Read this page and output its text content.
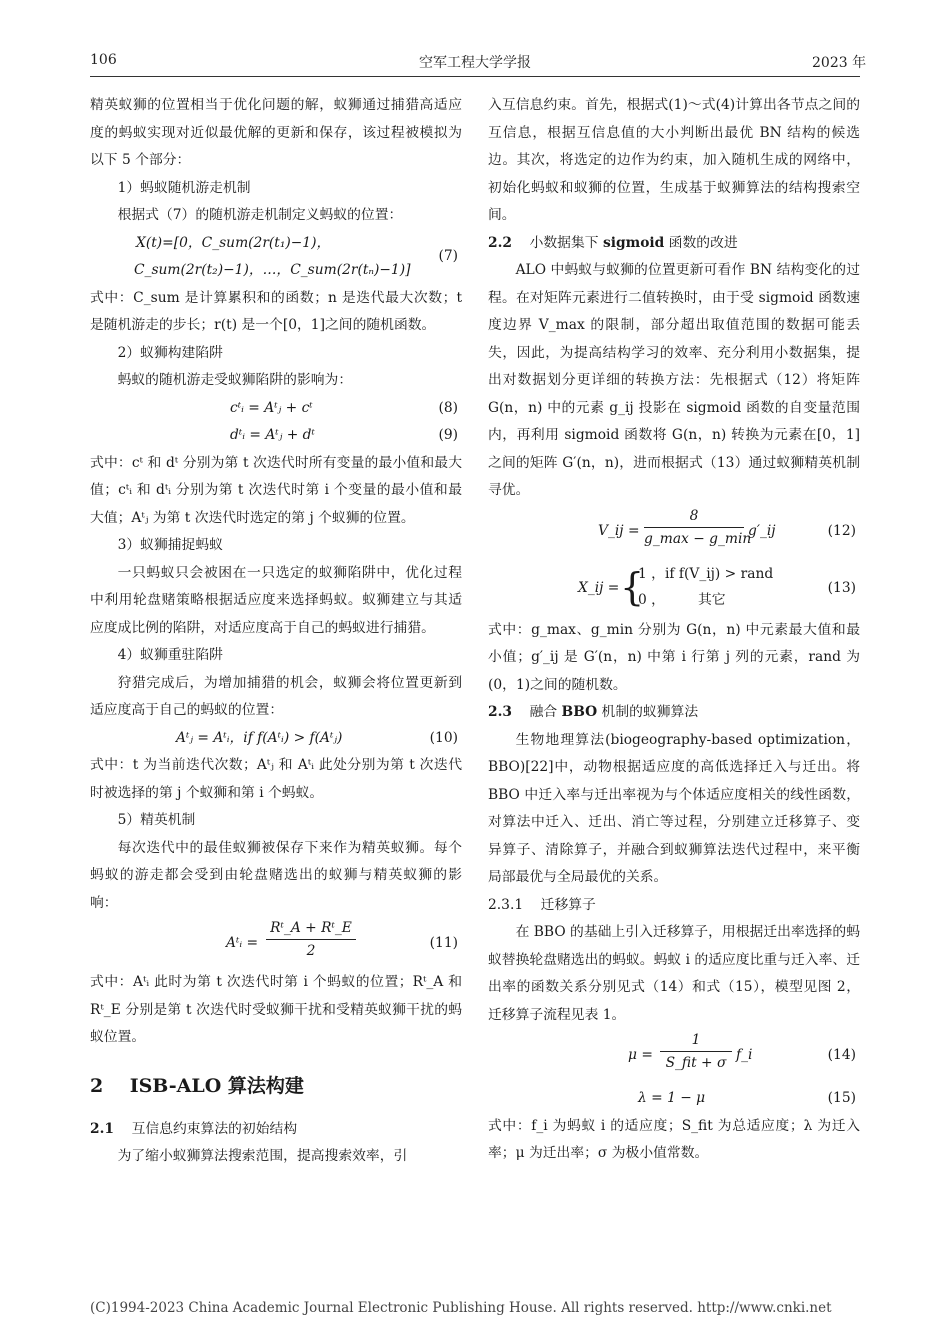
106	空军工程大学学报	2023 年

精英蚁狮的位置相当于优化问题的解，蚁狮通过捕猎高适应度的蚂蚁实现对近似最优解的更新和保存，该过程被模拟为以下 5 个部分：

1）蚂蚁随机游走机制

根据式（7）的随机游走机制定义蚂蚁的位置：

X(t)=[0，C_sum(2r(t₁)−1)，
C_sum(2r(t₂)−1)，…，C_sum(2r(tₙ)−1)]
(7)

式中：C_sum 是计算累积和的函数；n 是迭代最大次数；t 是随机游走的步长；r(t) 是一个[0，1]之间的随机函数。

2）蚁狮构建陷阱

蚂蚁的随机游走受蚁狮陷阱的影响为：

cᵗᵢ = Aᵗⱼ + cᵗ	(8)
dᵗᵢ = Aᵗⱼ + dᵗ	(9)

式中：cᵗ 和 dᵗ 分别为第 t 次迭代时所有变量的最小值和最大值；cᵗᵢ 和 dᵗᵢ 分别为第 t 次迭代时第 i 个变量的最小值和最大值；Aᵗⱼ 为第 t 次迭代时选定的第 j 个蚁狮的位置。

3）蚁狮捕捉蚂蚁

一只蚂蚁只会被困在一只选定的蚁狮陷阱中，优化过程中利用轮盘赌策略根据适应度来选择蚂蚁。蚁狮建立与其适应度成比例的陷阱，对适应度高于自己的蚂蚁进行捕猎。

4）蚁狮重驻陷阱

狩猎完成后，为增加捕猎的机会，蚁狮会将位置更新到适应度高于自己的蚂蚁的位置：

Aᵗⱼ = Aᵗᵢ，if f(Aᵗᵢ) > f(Aᵗⱼ)	(10)

式中：t 为当前迭代次数；Aᵗⱼ 和 Aᵗᵢ 此处分别为第 t 次迭代时被选择的第 j 个蚁狮和第 i 个蚂蚁。

5）精英机制

每次迭代中的最佳蚁狮被保存下来作为精英蚁狮。每个蚂蚁的游走都会受到由轮盘赌选出的蚁狮与精英蚁狮的影响：

Aᵗᵢ = $\frac{\text{Rᵗ\_A + Rᵗ\_E}}{2}$	(11)

式中：Aᵗᵢ 此时为第 t 次迭代时第 i 个蚂蚁的位置；Rᵗ_A 和 Rᵗ_E 分别是第 t 次迭代时受蚁狮干扰和受精英蚁狮干扰的蚂蚁位置。

2 ISB-ALO 算法构建

2.1 互信息约束算法的初始结构

为了缩小蚁狮算法搜索范围，提高搜索效率，引

入互信息约束。首先，根据式(1)～式(4)计算出各节点之间的互信息，根据互信息值的大小判断出最优 BN 结构的候选边。其次，将选定的边作为约束，加入随机生成的网络中，初始化蚂蚁和蚁狮的位置，生成基于蚁狮算法的结构搜索空间。

2.2 小数据集下 sigmoid 函数的改进

ALO 中蚂蚁与蚁狮的位置更新可看作 BN 结构变化的过程。在对矩阵元素进行二值转换时，由于受 sigmoid 函数速度边界 V_max 的限制，部分超出取值范围的数据可能丢失，因此，为提高结构学习的效率、充分利用小数据集，提出对数据划分更详细的转换方法：先根据式（12）将矩阵 G(n，n) 中的元素 g_ij 投影在 sigmoid 函数的自变量范围内，再利用 sigmoid 函数将 G(n，n) 转换为元素在[0，1]之间的矩阵 G′(n，n)，进而根据式（13）通过蚁狮精英机制寻优。

V_ij =
8
g_max − g_min
g′_ij	(12)
X_ij = {
1 ，if f(V_ij) > rand
0 ， 其它
(13)

式中：g_max、g_min 分别为 G(n，n) 中元素最大值和最小值；g′_ij 是 G′(n，n) 中第 i 行第 j 列的元素，rand 为(0，1)之间的随机数。

2.3 融合 BBO 机制的蚁狮算法

生物地理算法(biogeography-based optimization，BBO)[22]中，动物根据适应度的高低选择迁入与迁出。将 BBO 中迁入率与迁出率视为与个体适应度相关的线性函数，对算法中迁入、迁出、消亡等过程，分别建立迁移算子、变异算子、清除算子，并融合到蚁狮算法迭代过程中，来平衡局部最优与全局最优的关系。

2.3.1 迁移算子

在 BBO 的基础上引入迁移算子，用根据迁出率选择的蚂蚁替换轮盘赌选出的蚂蚁。蚂蚁 i 的适应度比重与迁入率、迁出率的函数关系分别见式（14）和式（15），模型见图 2，迁移算子流程见表 1。

μ =
1
S_fit + σ f_i	(14)
λ = 1 − μ	(15)

式中：f_i 为蚂蚁 i 的适应度；S_fit 为总适应度；λ 为迁入率；μ 为迁出率；σ 为极小值常数。

(C)1994-2023 China Academic Journal Electronic Publishing House. All rights reserved. http://www.cnki.net
